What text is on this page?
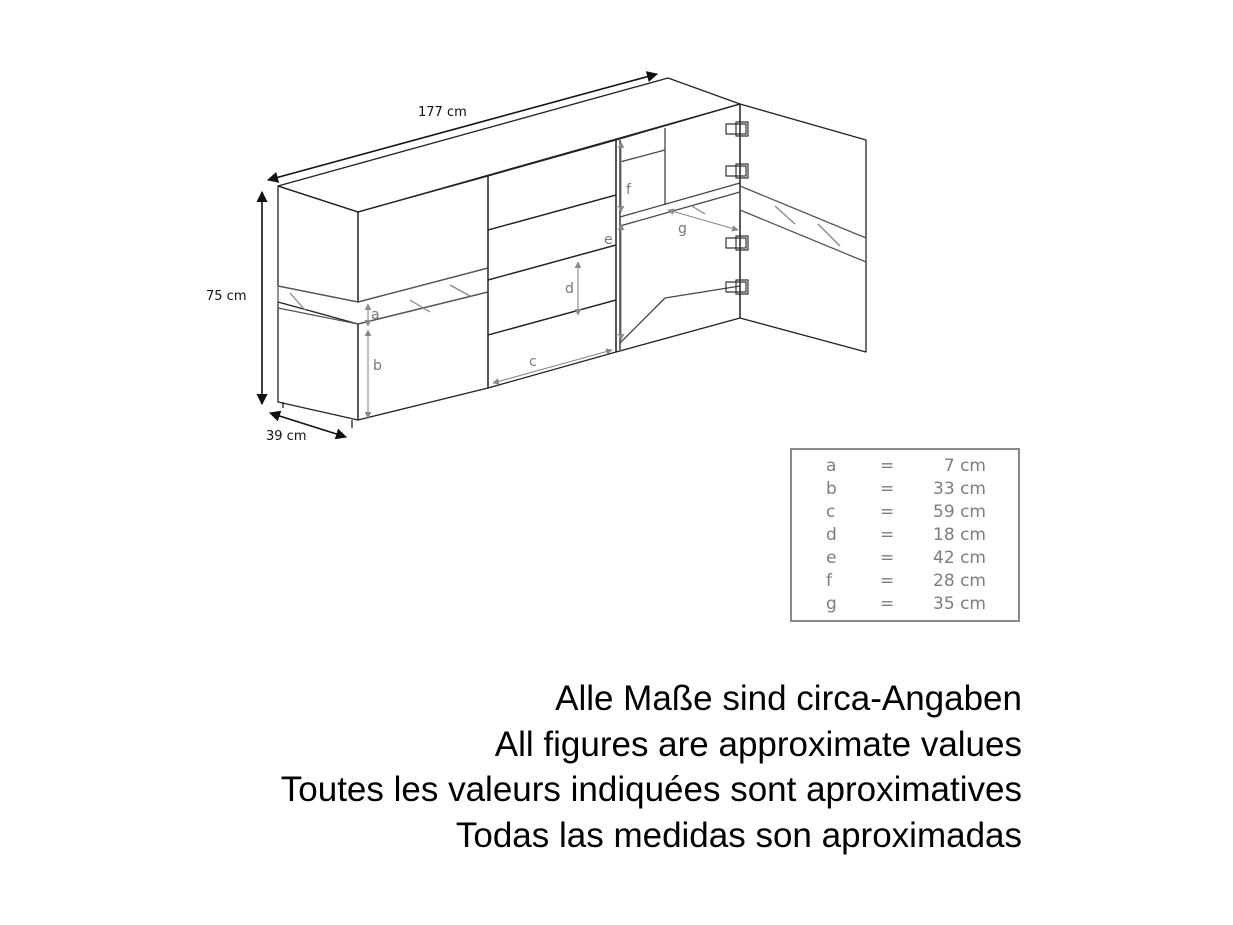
177 cm
75 cm
39 cm
a
b	c
d
e
f
g
a	=	7 cm
b	= 33 cm
c	= 59 cm
d	= 18 cm
e	= 42 cm
f	= 28 cm
g	= 35 cm
Alle Maße sind circa-Angaben
All figures are approximate values
Toutes les valeurs indiquées sont aproximatives
Todas las medidas son aproximadas
